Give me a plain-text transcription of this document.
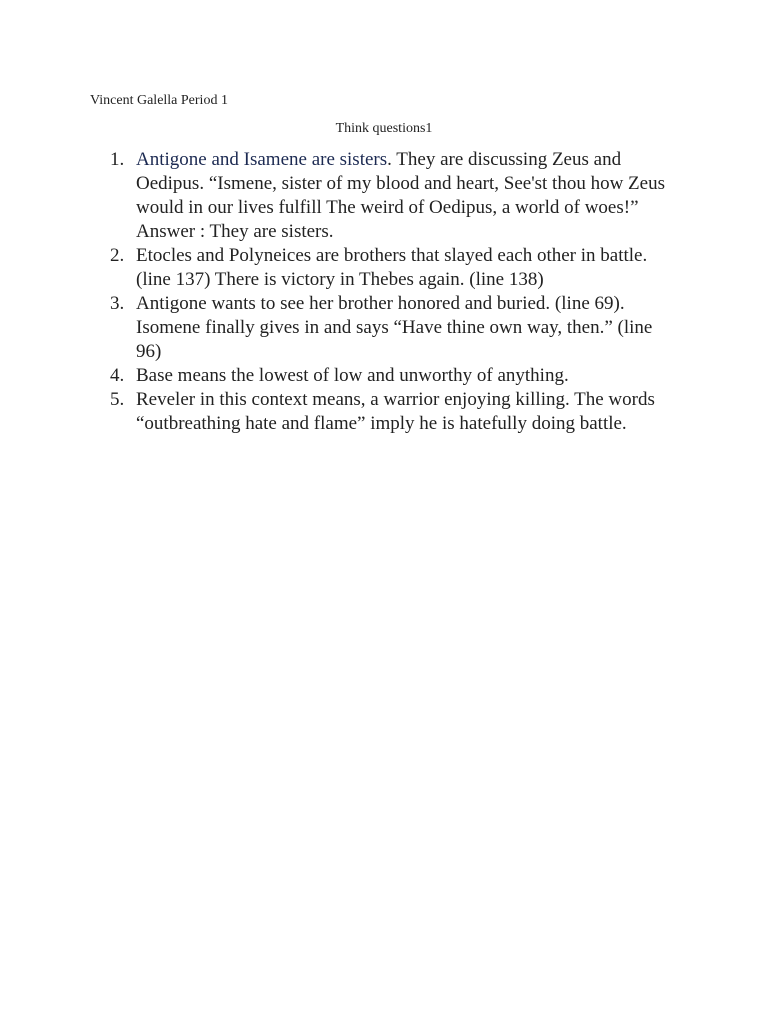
Vincent Galella Period 1
Think questions1
1. Antigone and Isamene are sisters. They are discussing Zeus and Oedipus. “Ismene, sister of my blood and heart, See'st thou how Zeus would in our lives fulfill The weird of Oedipus, a world of woes!” Answer : They are sisters.
2. Etocles and Polyneices are brothers that slayed each other in battle. (line 137) There is victory in Thebes again. (line 138)
3. Antigone wants to see her brother honored and buried. (line 69). Isomene finally gives in and says “Have thine own way, then.” (line 96)
4. Base means the lowest of low and unworthy of anything.
5. Reveler in this context means, a warrior enjoying killing. The words “outbreathing hate and flame” imply he is hatefully doing battle.
